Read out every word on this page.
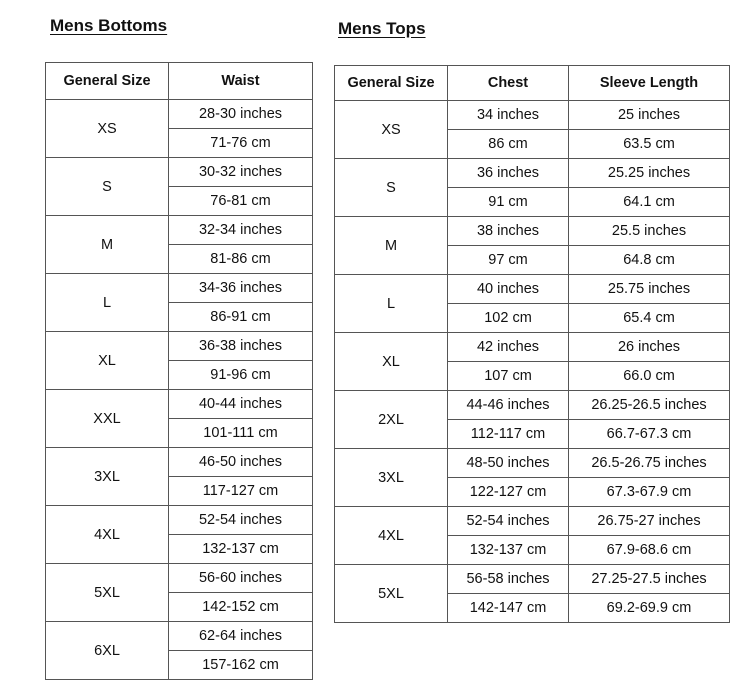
Mens Bottoms	Mens Tops
General Size	Waist
XS	28-30 inches
	71-76 cm
S	30-32 inches
	76-81 cm
M	32-34 inches
	81-86 cm
L	34-36 inches
	86-91 cm
XL	36-38 inches
	91-96 cm
XXL	40-44 inches
	101-111 cm
3XL	46-50 inches
	117-127 cm
4XL	52-54 inches
	132-137 cm
5XL	56-60 inches
	142-152 cm
6XL	62-64 inches
	157-162 cm
General Size	Chest	Sleeve Length
XS	34 inches	25 inches
	86 cm	63.5 cm
S	36 inches	25.25 inches
	91 cm	64.1 cm
M	38 inches	25.5 inches
	97 cm	64.8 cm
L	40 inches	25.75 inches
	102 cm	65.4 cm
XL	42 inches	26 inches
	107 cm	66.0 cm
2XL	44-46 inches	26.25-26.5 inches
	112-117 cm	66.7-67.3 cm
3XL	48-50 inches	26.5-26.75 inches
	122-127 cm	67.3-67.9 cm
4XL	52-54 inches	26.75-27 inches
	132-137 cm	67.9-68.6 cm
5XL	56-58 inches	27.25-27.5 inches
	142-147 cm	69.2-69.9 cm
